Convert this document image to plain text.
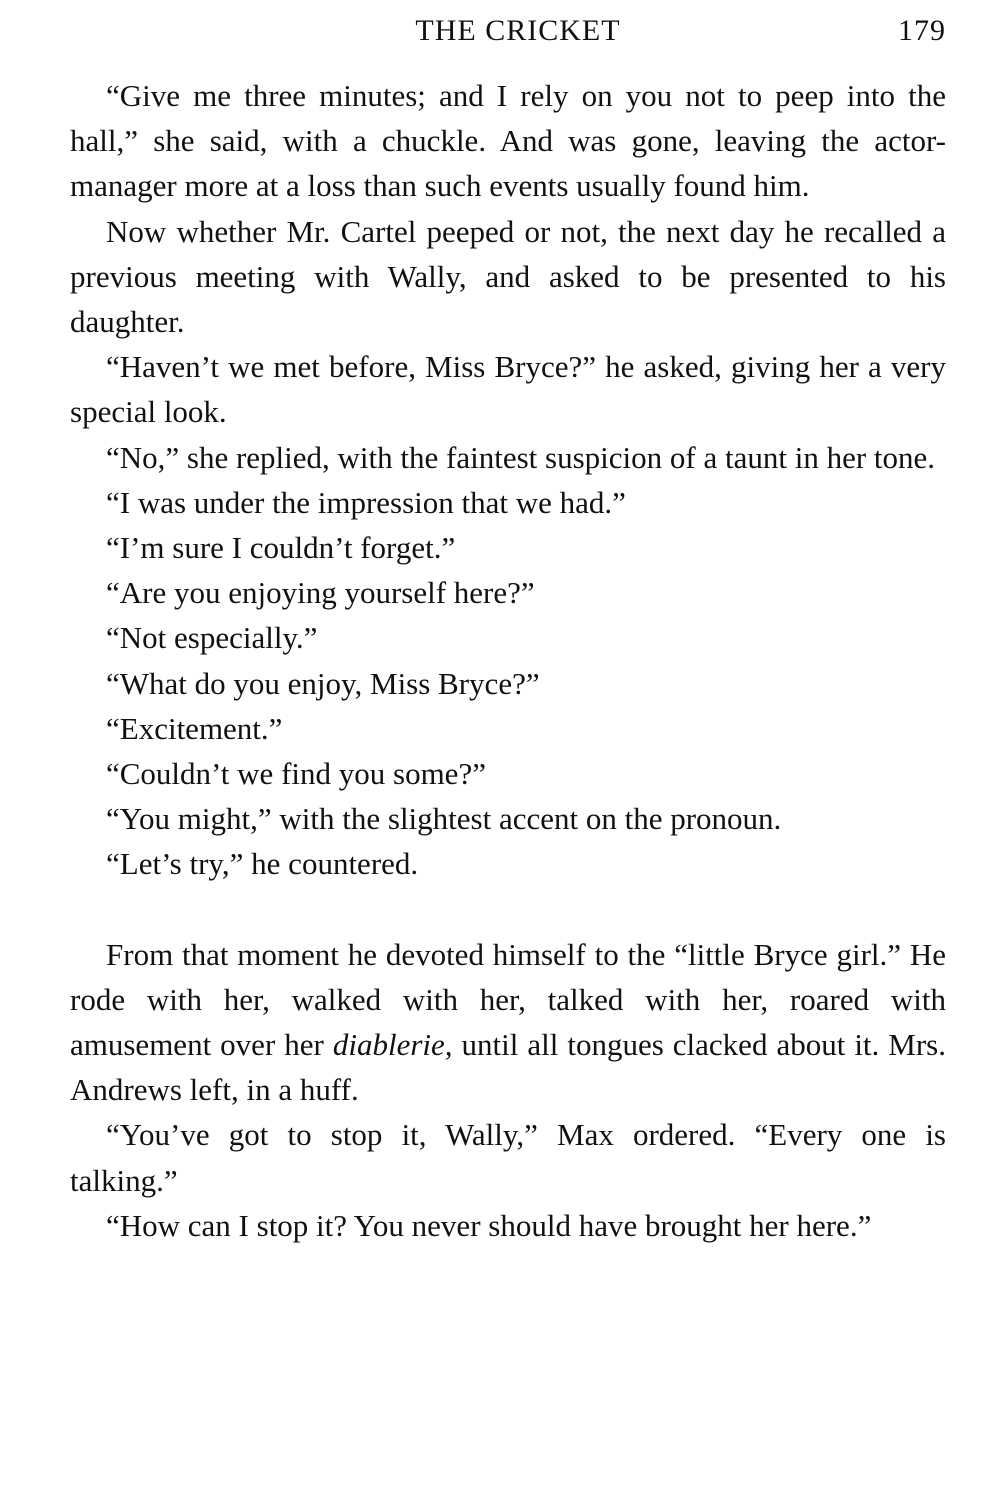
THE CRICKET	179

“Give me three minutes; and I rely on you not to peep into the hall,” she said, with a chuckle. And was gone, leaving the actor-manager more at a loss than such events usually found him.

Now whether Mr. Cartel peeped or not, the next day he recalled a previous meeting with Wally, and asked to be presented to his daughter.

“Haven’t we met before, Miss Bryce?” he asked, giving her a very special look.

“No,” she replied, with the faintest suspicion of a taunt in her tone.

“I was under the impression that we had.”

“I’m sure I couldn’t forget.”

“Are you enjoying yourself here?”

“Not especially.”

“What do you enjoy, Miss Bryce?”

“Excitement.”

“Couldn’t we find you some?”

“You might,” with the slightest accent on the pronoun.

“Let’s try,” he countered.

From that moment he devoted himself to the “little Bryce girl.” He rode with her, walked with her, talked with her, roared with amusement over her diablerie, until all tongues clacked about it. Mrs. Andrews left, in a huff.

“You’ve got to stop it, Wally,” Max ordered. “Every one is talking.”

“How can I stop it? You never should have brought her here.”
